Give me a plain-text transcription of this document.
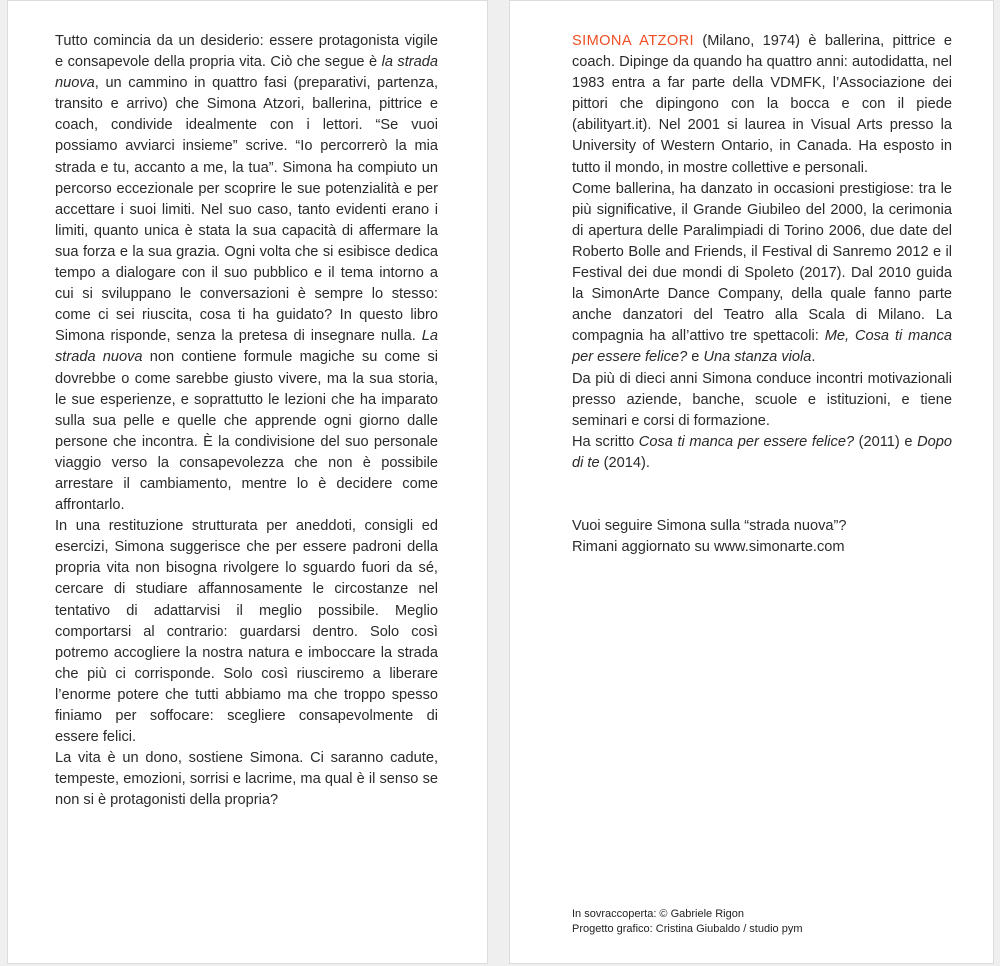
Tutto comincia da un desiderio: essere protagonista vigile e consapevole della propria vita. Ciò che segue è la strada nuova, un cammino in quattro fasi (preparativi, partenza, transito e arrivo) che Simona Atzori, ballerina, pittrice e coach, condivide idealmente con i lettori. “Se vuoi possiamo avviarci insieme” scrive. “Io percorrerò la mia strada e tu, accanto a me, la tua”. Simona ha compiuto un percorso eccezionale per scoprire le sue potenzialità e per accettare i suoi limiti. Nel suo caso, tanto evidenti erano i limiti, quanto unica è stata la sua capacità di affermare la sua forza e la sua grazia. Ogni volta che si esibisce dedica tempo a dialogare con il suo pubblico e il tema intorno a cui si sviluppano le conversazioni è sempre lo stesso: come ci sei riuscita, cosa ti ha guidato? In questo libro Simona risponde, senza la pretesa di insegnare nulla. La strada nuova non contiene formule magiche su come si dovrebbe o come sarebbe giusto vivere, ma la sua storia, le sue esperienze, e soprattutto le lezioni che ha imparato sulla sua pelle e quelle che apprende ogni giorno dalle persone che incontra. È la condivisione del suo personale viaggio verso la consapevolezza che non è possibile arrestare il cambiamento, mentre lo è decidere come affrontarlo.

In una restituzione strutturata per aneddoti, consigli ed esercizi, Simona suggerisce che per essere padroni della propria vita non bisogna rivolgere lo sguardo fuori da sé, cercare di studiare affannosamente le circostanze nel tentativo di adattarvisi il meglio possibile. Meglio comportarsi al contrario: guardarsi dentro. Solo così potremo accogliere la nostra natura e imboccare la strada che più ci corrisponde. Solo così riusciremo a liberare l’enorme potere che tutti abbiamo ma che troppo spesso finiamo per soffocare: scegliere consapevolmente di essere felici.

La vita è un dono, sostiene Simona. Ci saranno cadute, tempeste, emozioni, sorrisi e lacrime, ma qual è il senso se non si è protagonisti della propria?

SIMONA ATZORI (Milano, 1974) è ballerina, pittrice e coach. Dipinge da quando ha quattro anni: autodidatta, nel 1983 entra a far parte della VDMFK, l’Associazione dei pittori che dipingono con la bocca e con il piede (abilityart.it). Nel 2001 si laurea in Visual Arts presso la University of Western Ontario, in Canada. Ha esposto in tutto il mondo, in mostre collettive e personali.

Come ballerina, ha danzato in occasioni prestigiose: tra le più significative, il Grande Giubileo del 2000, la cerimonia di apertura delle Paralimpiadi di Torino 2006, due date del Roberto Bolle and Friends, il Festival di Sanremo 2012 e il Festival dei due mondi di Spoleto (2017). Dal 2010 guida la SimonArte Dance Company, della quale fanno parte anche danzatori del Teatro alla Scala di Milano. La compagnia ha all’attivo tre spettacoli: Me, Cosa ti manca per essere felice? e Una stanza viola.

Da più di dieci anni Simona conduce incontri motivazionali presso aziende, banche, scuole e istituzioni, e tiene seminari e corsi di formazione.

Ha scritto Cosa ti manca per essere felice? (2011) e Dopo di te (2014).

Vuoi seguire Simona sulla “strada nuova”?
Rimani aggiornato su www.simonarte.com
In sovraccoperta: © Gabriele Rigon
Progetto grafico: Cristina Giubaldo / studio pym
